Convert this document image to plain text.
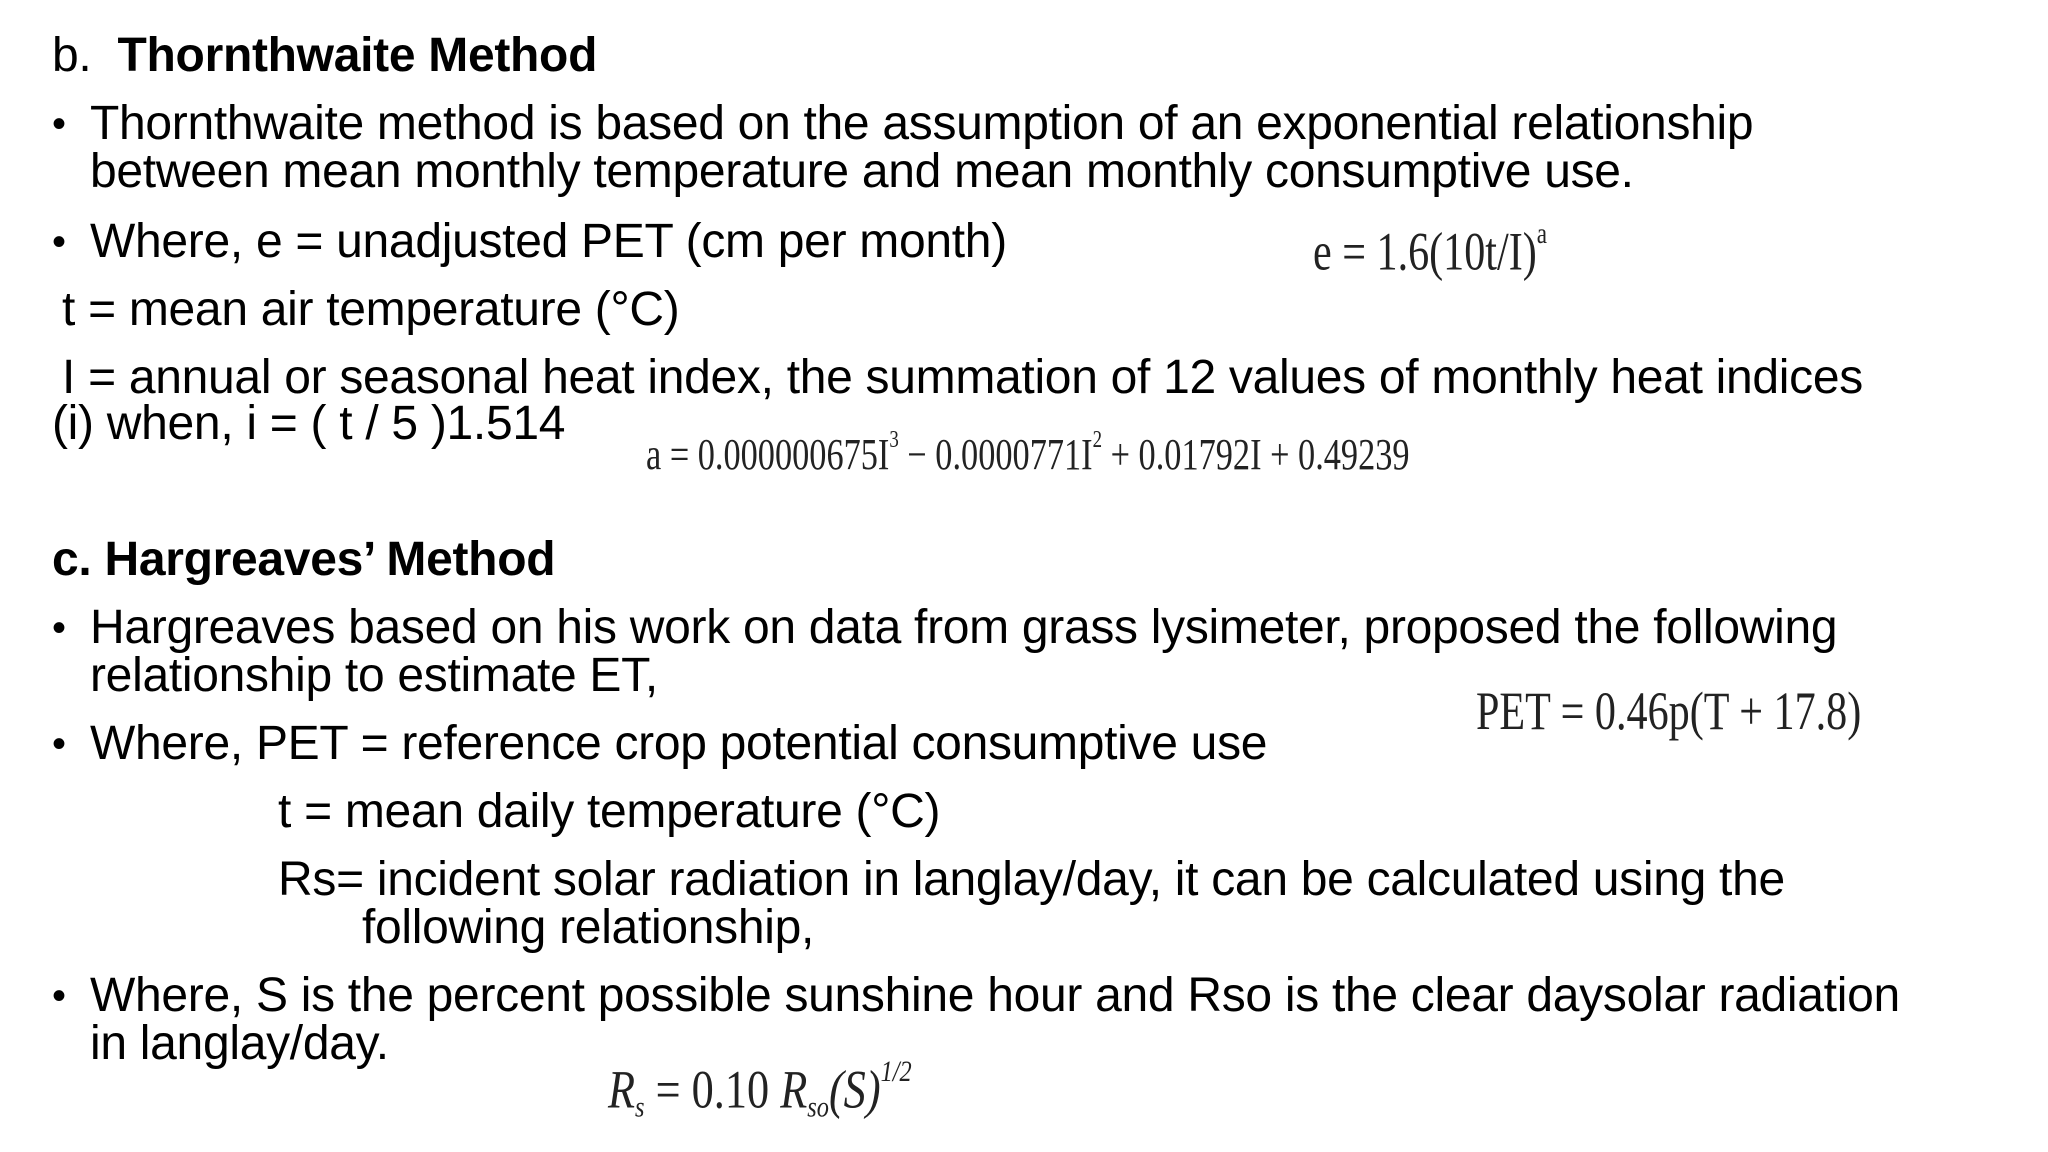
b. Thornthwaite Method
• Thornthwaite method is based on the assumption of an exponential relationship
between mean monthly temperature and mean monthly consumptive use.
• Where, e = unadjusted PET (cm per month)
t = mean air temperature (°C)
I = annual or seasonal heat index, the summation of 12 values of monthly heat indices
(i) when, i = ( t / 5 )1.514
$e = 1.6(10t/I)^a$
$a = 0.000000675I^3 - 0.0000771I^2 + 0.01792I + 0.49239$
c. Hargreaves’ Method
• Hargreaves based on his work on data from grass lysimeter, proposed the following
relationship to estimate ET,
• Where, PET = reference crop potential consumptive use
t = mean daily temperature (°C)
Rs= incident solar radiation in langlay/day, it can be calculated using the
following relationship,
• Where, S is the percent possible sunshine hour and Rso is the clear daysolar radiation
in langlay/day.
PET = 0.46p(T + 17.8)
$R_s = 0.10$ $R_{so}(S)^{1/2}$
